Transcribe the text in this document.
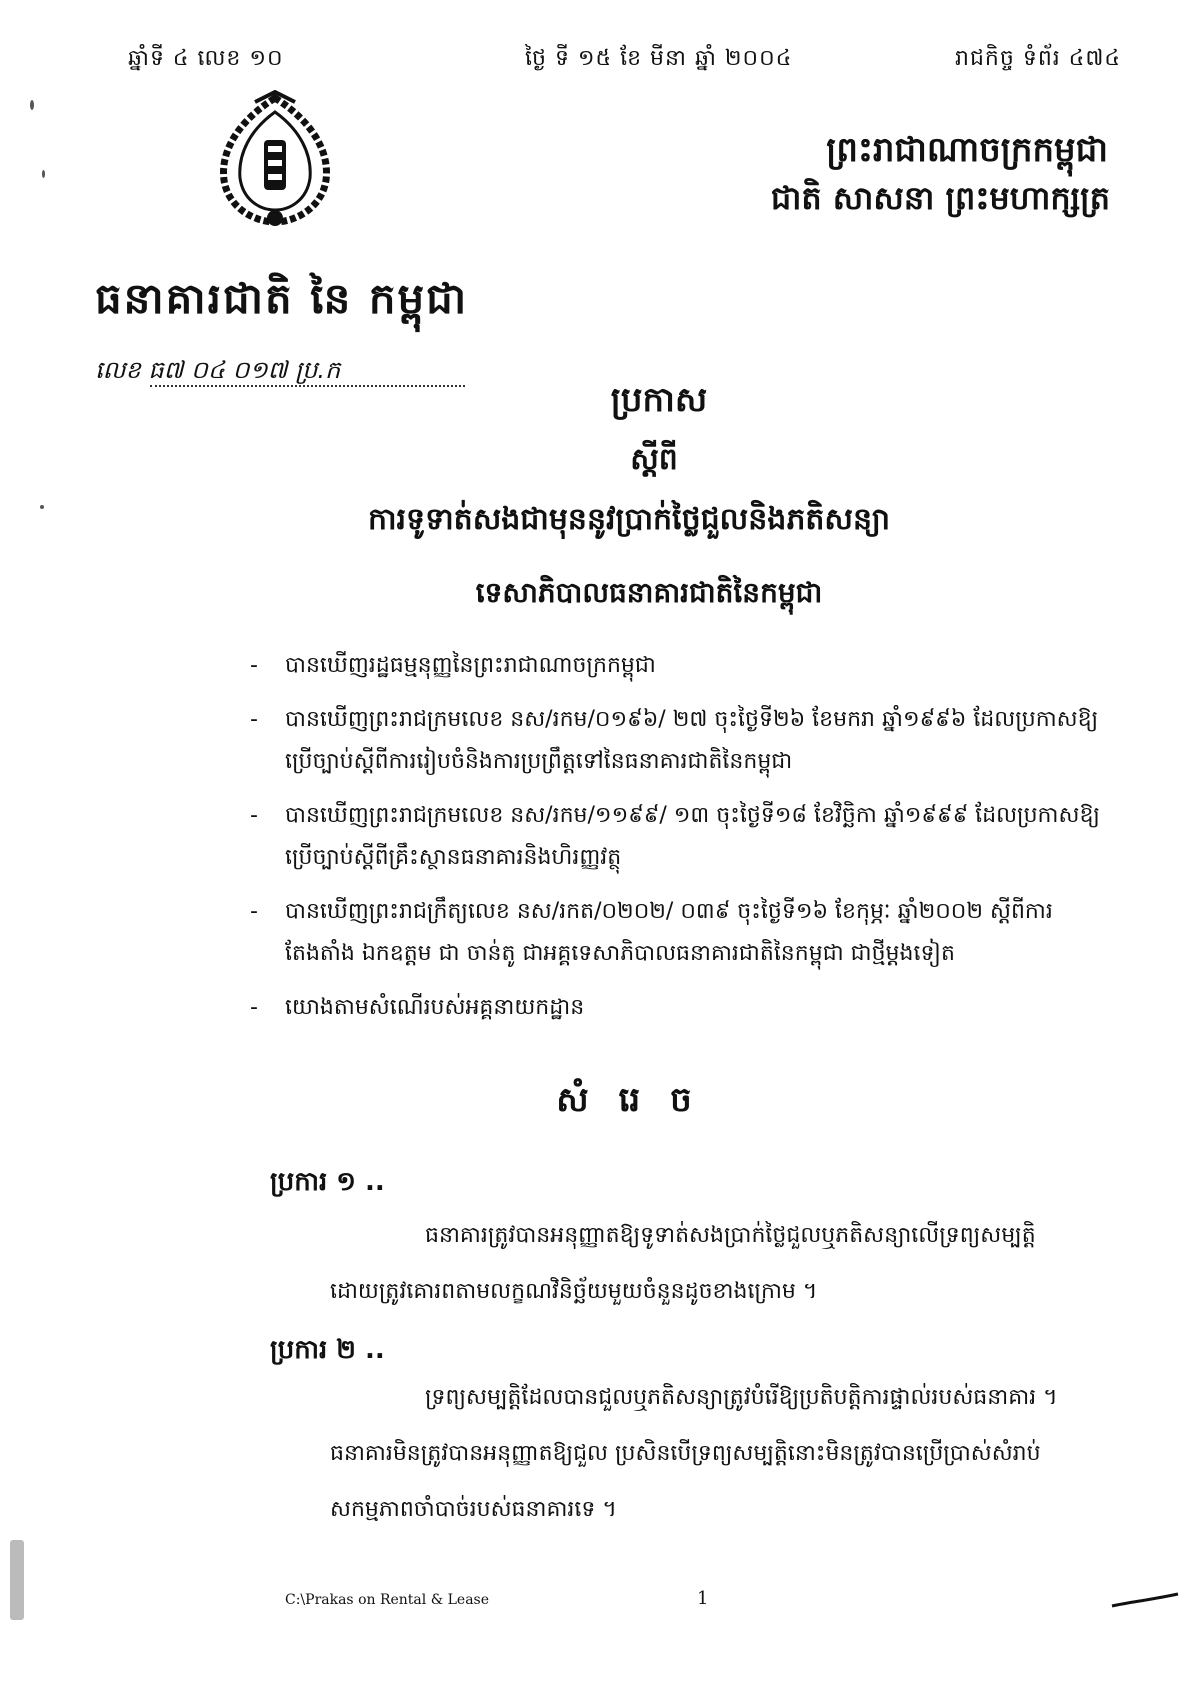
ឆ្នាំទី ៤ លេខ ១០	ថ្ងៃ ទី ១៥ ខែ មីនា ឆ្នាំ ២០០៤	រាជកិច្ច ទំព័រ ៤៧៤
ព្រះរាជាណាចក្រកម្ពុជា
ជាតិ សាសនា ព្រះមហាក្សត្រ
ធនាគារជាតិ នៃ កម្ពុជា
លេខ ធ៧ ០៤ ០១៧ ប្រ.ក
ប្រកាស
ស្តីពី
ការទូទាត់សងជាមុននូវប្រាក់ថ្លៃជួលនិងភតិសន្យា
ទេសាភិបាលធនាគារជាតិនៃកម្ពុជា
- បានឃើញរដ្ឋធម្មនុញ្ញនៃព្រះរាជាណាចក្រកម្ពុជា
- បានឃើញព្រះរាជក្រមលេខ នស/រកម/០១៩៦/ ២៧ ចុះថ្ងៃទី២៦ ខែមករា ឆ្នាំ១៩៩៦ ដែលប្រកាសឱ្យប្រើច្បាប់ស្តីពីការរៀបចំនិងការប្រព្រឹត្តទៅនៃធនាគារជាតិនៃកម្ពុជា
- បានឃើញព្រះរាជក្រមលេខ នស/រកម/១១៩៩/ ១៣ ចុះថ្ងៃទី១៨ ខែវិច្ឆិកា ឆ្នាំ១៩៩៩ ដែលប្រកាសឱ្យប្រើច្បាប់ស្តីពីគ្រឹះស្ថានធនាគារនិងហិរញ្ញវត្ថុ
- បានឃើញព្រះរាជក្រឹត្យលេខ នស/រកត/០២០២/ ០៣៩ ចុះថ្ងៃទី១៦ ខែកុម្ភៈ ឆ្នាំ២០០២ ស្តីពីការតែងតាំង ឯកឧត្តម ជា ចាន់តូ ជាអគ្គទេសាភិបាលធនាគារជាតិនៃកម្ពុជា ជាថ្មីម្តងទៀត
- យោងតាមសំណើរបស់អគ្គនាយកដ្ឋាន
សំរេច
ប្រការ ១ ..
ធនាគារត្រូវបានអនុញ្ញាតឱ្យទូទាត់សងប្រាក់ថ្លៃជួលឬភតិសន្យាលើទ្រព្យសម្បត្តិ
ដោយត្រូវគោរពតាមលក្ខណវិនិច្ឆ័យមួយចំនួនដូចខាងក្រោម ។
ប្រការ ២ ..
ទ្រព្យសម្បត្តិដែលបានជួលឬភតិសន្យាត្រូវបំរើឱ្យប្រតិបត្តិការផ្ទាល់របស់ធនាគារ ។
ធនាគារមិនត្រូវបានអនុញ្ញាតឱ្យជួល ប្រសិនបើទ្រព្យសម្បត្តិនោះមិនត្រូវបានប្រើប្រាស់សំរាប់
សកម្មភាពចាំបាច់របស់ធនាគារទេ ។
C:\Prakas on Rental & Lease	1
